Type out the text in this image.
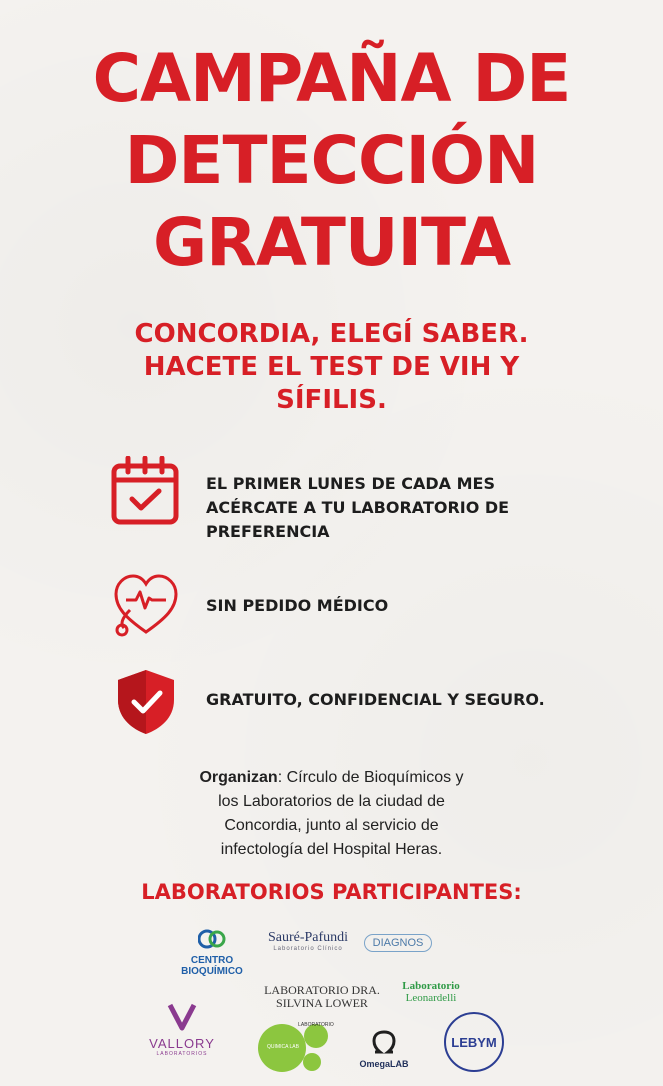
CAMPAÑA DE
DETECCIÓN
GRATUITA
CONCORDIA, ELEGÍ SABER.
HACETE EL TEST DE VIH Y
SÍFILIS.
EL PRIMER LUNES DE CADA MES
ACÉRCATE A TU LABORATORIO DE
PREFERENCIA
SIN PEDIDO MÉDICO
GRATUITO, CONFIDENCIAL Y SEGURO.
Organizan: Círculo de Bioquímicos y
los Laboratorios de la ciudad de
Concordia, junto al servicio de
infectología del Hospital Heras.
LABORATORIOS PARTICIPANTES:
CENTRO
BIOQUÍMICO
Sauré-Pafundi
Laboratorio Clínico	DIAGNOS
LABORATORIO DRA.
SILVINA LOWER
Laboratorio
Leonardelli
VALLORY
LABORATORIOS
QUIMICA LAB
LABORATORIO
OmegaLAB
LEBYM
